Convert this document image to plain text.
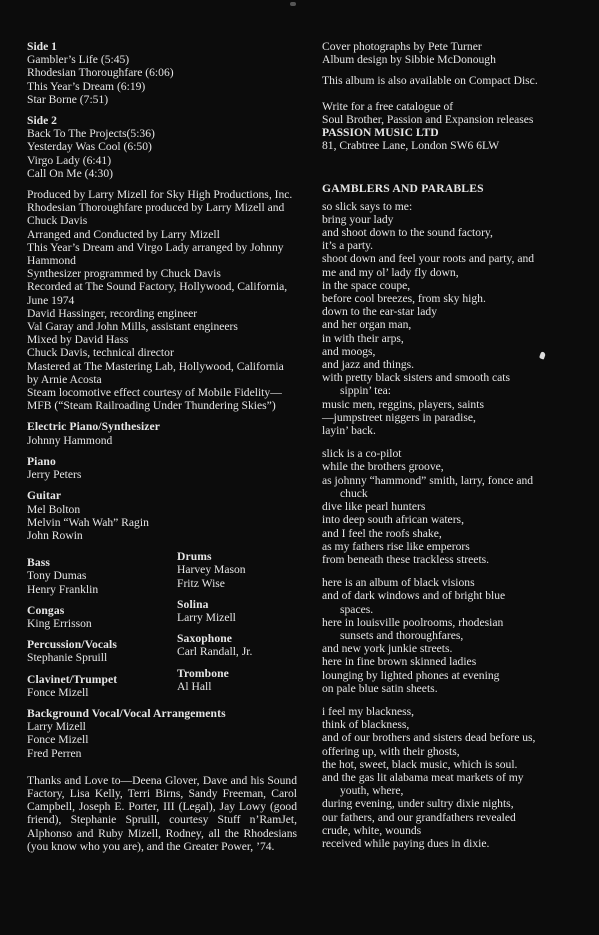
Side 1
Gambler’s Life (5:45)
Rhodesian Thoroughfare (6:06)
This Year’s Dream (6:19)
Star Borne (7:51)
Side 2
Back To The Projects(5:36)
Yesterday Was Cool (6:50)
Virgo Lady (6:41)
Call On Me (4:30)
Produced by Larry Mizell for Sky High Productions, Inc.
Rhodesian Thoroughfare produced by Larry Mizell and Chuck Davis
Arranged and Conducted by Larry Mizell
This Year’s Dream and Virgo Lady arranged by Johnny Hammond
Synthesizer programmed by Chuck Davis
Recorded at The Sound Factory, Hollywood, California, June 1974
David Hassinger, recording engineer
Val Garay and John Mills, assistant engineers
Mixed by David Hass
Chuck Davis, technical director
Mastered at The Mastering Lab, Hollywood, California by Arnie Acosta
Steam locomotive effect courtesy of Mobile Fidelity—MFB (“Steam Railroading Under Thundering Skies”)
Electric Piano/Synthesizer
Johnny Hammond
Piano
Jerry Peters
Guitar
Mel Bolton
Melvin “Wah Wah” Ragin
John Rowin
Bass
Tony Dumas
Henry Franklin
Congas
King Errisson
Percussion/Vocals
Stephanie Spruill
Clavinet/Trumpet
Fonce Mizell
Drums
Harvey Mason
Fritz Wise
Solina
Larry Mizell
Saxophone
Carl Randall, Jr.
Trombone
Al Hall
Background Vocal/Vocal Arrangements
Larry Mizell
Fonce Mizell
Fred Perren
Thanks and Love to—Deena Glover, Dave and his Sound Factory, Lisa Kelly, Terri Birns, Sandy Freeman, Carol Campbell, Joseph E. Porter, III (Legal), Jay Lowy (good friend), Stephanie Spruill, courtesy Stuff n’RamJet, Alphonso and Ruby Mizell, Rodney, all the Rhodesians (you know who you are), and the Greater Power, ’74.
Cover photographs by Pete Turner
Album design by Sibbie McDonough
This album is also available on Compact Disc.
Write for a free catalogue of
Soul Brother, Passion and Expansion releases
PASSION MUSIC LTD
81, Crabtree Lane, London SW6 6LW
GAMBLERS AND PARABLES
so slick says to me:
bring your lady
and shoot down to the sound factory,
it’s a party.
shoot down and feel your roots and party, and
me and my ol’ lady fly down,
in the space coupe,
before cool breezes, from sky high.
down to the ear-star lady
and her organ man,
in with their arps,
and moogs,
and jazz and things.
with pretty black sisters and smooth cats
sippin’ tea:
music men, reggins, players, saints
—jumpstreet niggers in paradise,
layin’ back.
slick is a co-pilot
while the brothers groove,
as johnny “hammond” smith, larry, fonce and
chuck
dive like pearl hunters
into deep south african waters,
and I feel the roofs shake,
as my fathers rise like emperors
from beneath these trackless streets.
here is an album of black visions
and of dark windows and of bright blue
spaces.
here in louisville poolrooms, rhodesian
sunsets and thoroughfares,
and new york junkie streets.
here in fine brown skinned ladies
lounging by lighted phones at evening
on pale blue satin sheets.
i feel my blackness,
think of blackness,
and of our brothers and sisters dead before us,
offering up, with their ghosts,
the hot, sweet, black music, which is soul.
and the gas lit alabama meat markets of my
youth, where,
during evening, under sultry dixie nights,
our fathers, and our grandfathers revealed
crude, white, wounds
received while paying dues in dixie.
